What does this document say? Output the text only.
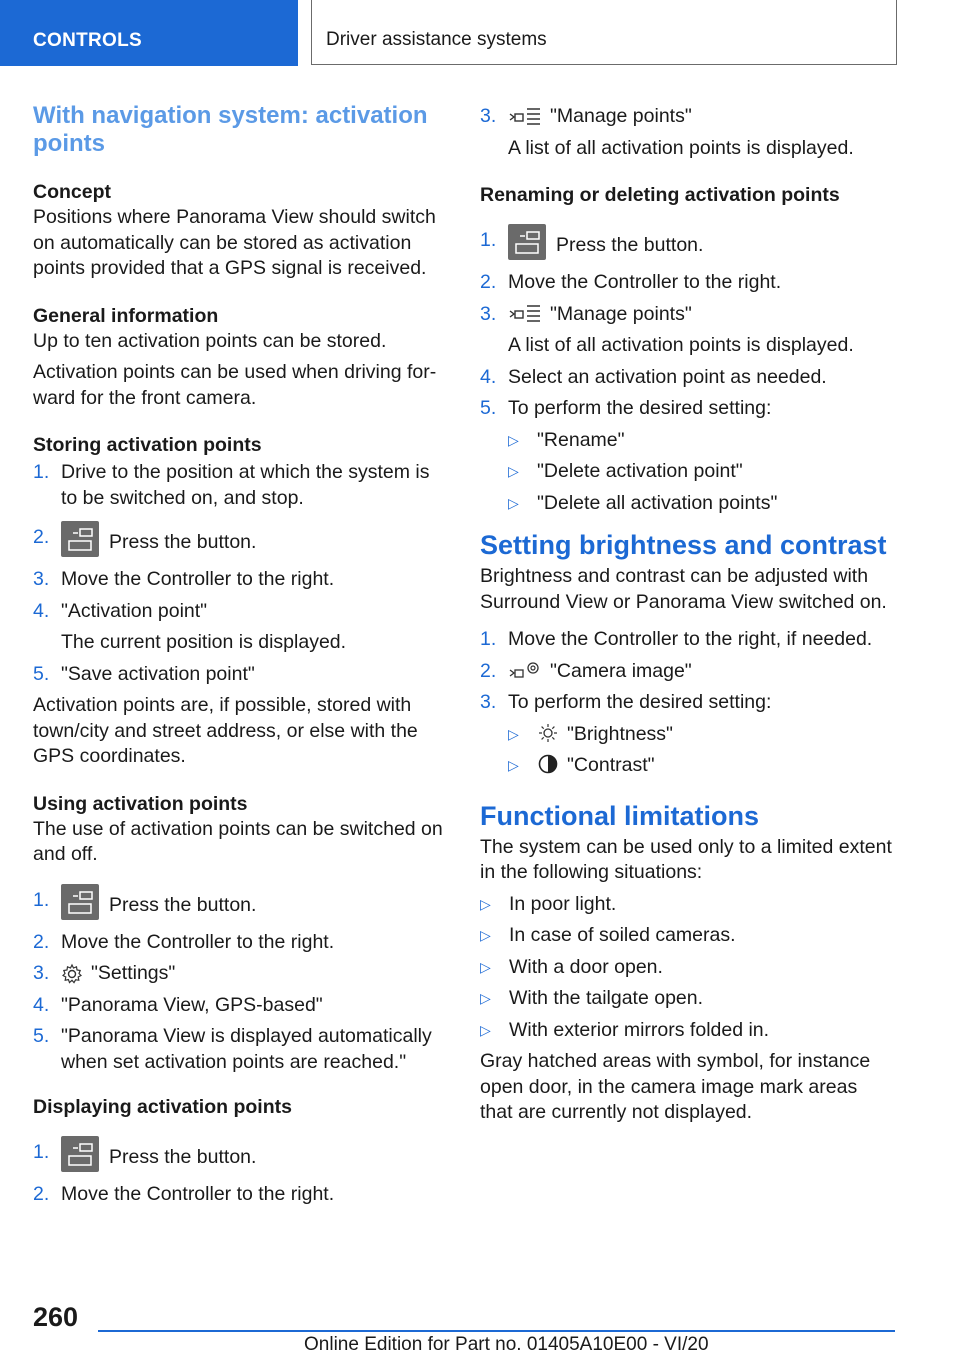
CONTROLS	Driver assistance systems
With navigation system: activation points
Concept

Positions where Panorama View should switch on automatically can be stored as activation points provided that a GPS signal is received.

General information

Up to ten activation points can be stored.

Activation points can be used when driving forward for the front camera.

Storing activation points
1. Drive to the position at which the system is to be switched on, and stop.
2.	Press the button.
3. Move the Controller to the right.
4. "Activation point"
The current position is displayed.
5. "Save activation point"

Activation points are, if possible, stored with town/city and street address, or else with the GPS coordinates.

Using activation points

The use of activation points can be switched on and off.

1.	Press the button.
2. Move the Controller to the right.
3.	"Settings"
4. "Panorama View, GPS-based"
5. "Panorama View is displayed automatically when set activation points are reached."
Displaying activation points
1.	Press the button.
2. Move the Controller to the right.
3.	"Manage points"
A list of all activation points is displayed.
Renaming or deleting activation points
1.	Press the button.
2. Move the Controller to the right.
3.	"Manage points"
A list of all activation points is displayed.
4. Select an activation point as needed.
5. To perform the desired setting:
▷ "Rename"
▷ "Delete activation point"
▷ "Delete all activation points"
Setting brightness and contrast

Brightness and contrast can be adjusted with Surround View or Panorama View switched on.

1. Move the Controller to the right, if needed.
2.	"Camera image"
3. To perform the desired setting:
▷	"Brightness"
▷	"Contrast"
Functional limitations

The system can be used only to a limited extent in the following situations:

▷ In poor light.
▷ In case of soiled cameras.
▷ With a door open.
▷ With the tailgate open.
▷ With exterior mirrors folded in.

Gray hatched areas with symbol, for instance open door, in the camera image mark areas that are currently not displayed.

260
Online Edition for Part no. 01405A10E00 - VI/20
